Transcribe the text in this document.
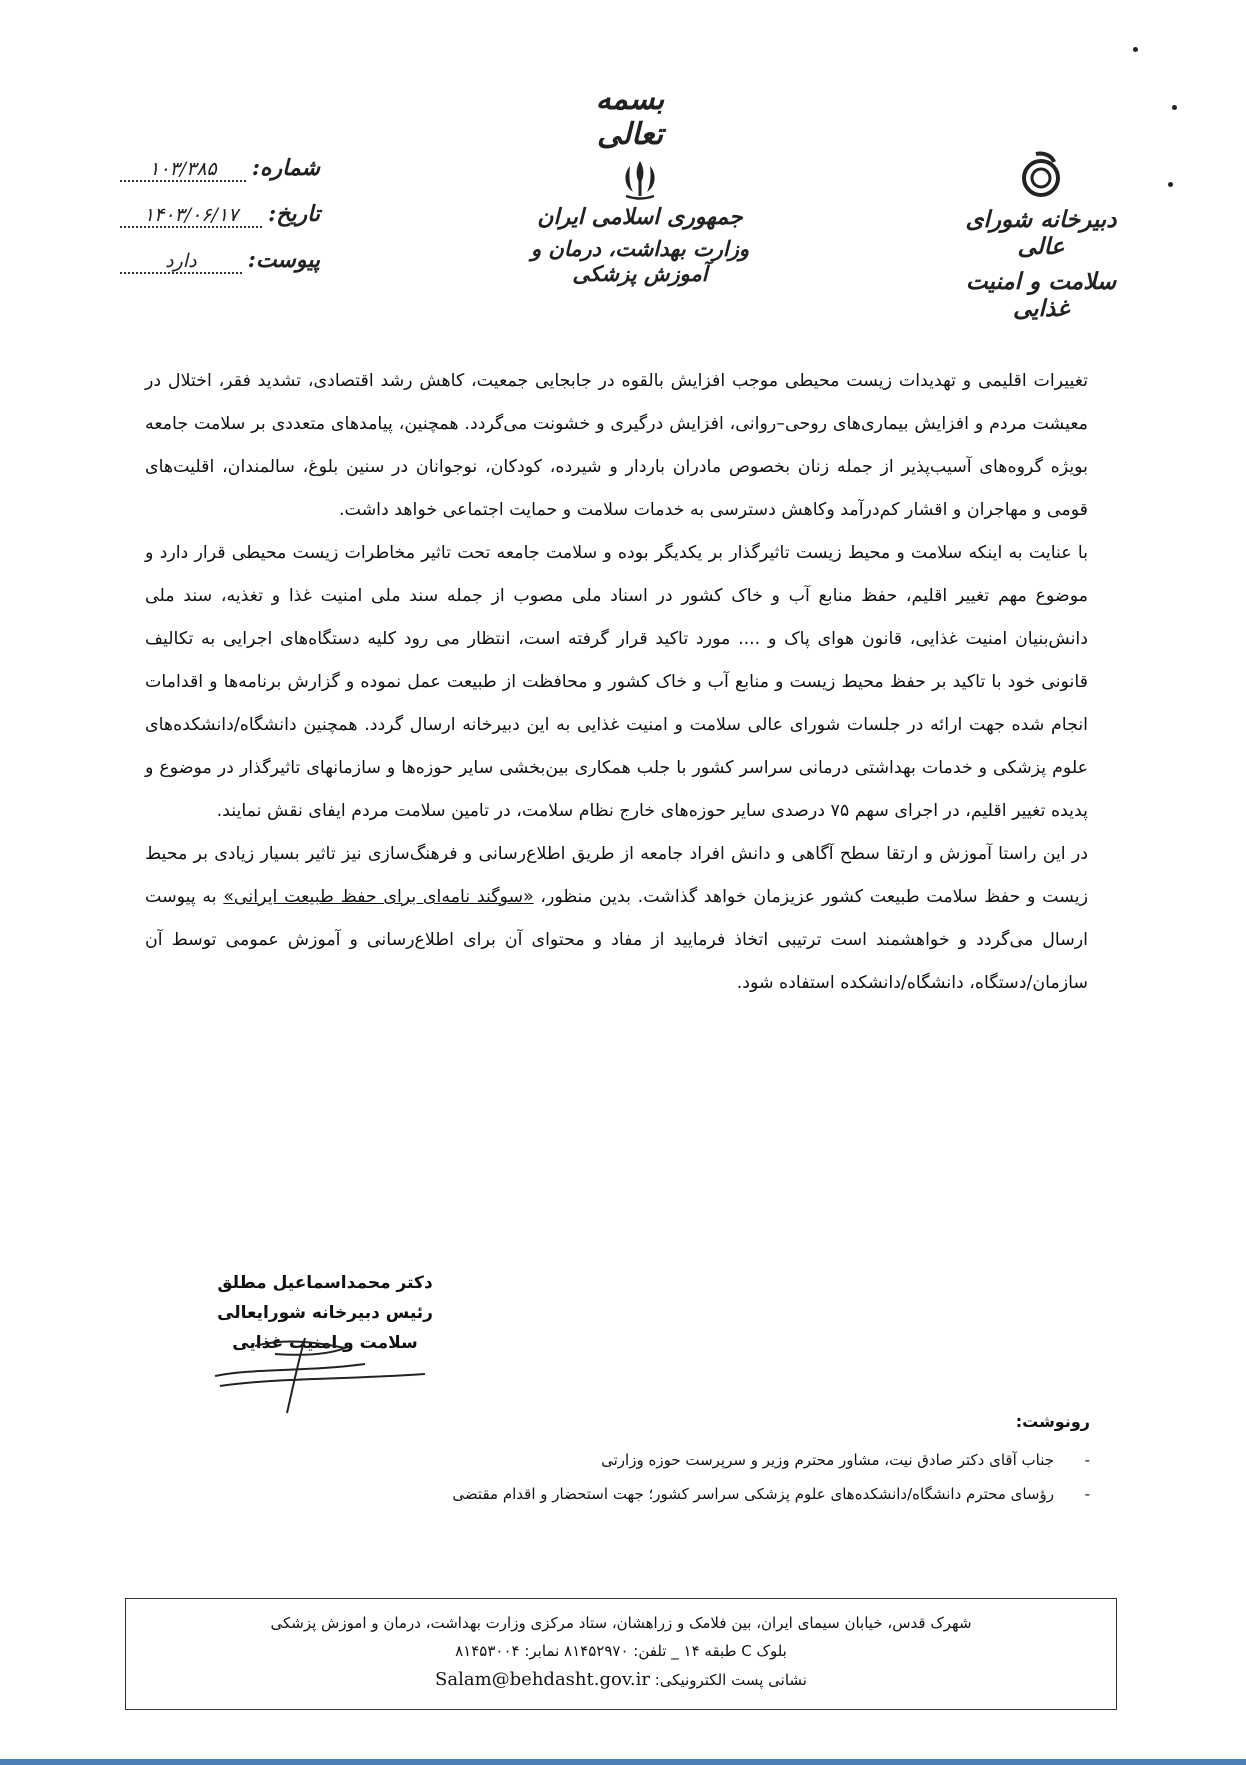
بسمه تعالی
شماره:
۱۰۳/۳۸۵
تاریخ:
۱۴۰۳/۰۶/۱۷
پیوست:
دارد
جمهوری اسلامی ایران
وزارت بهداشت، درمان و آموزش پزشکی
دبیرخانه شورای عالی
سلامت و امنیت غذایی

تغییرات اقلیمی و تهدیدات زیست محیطی موجب افزایش بالقوه در جابجایی جمعیت، کاهش رشد اقتصادی، تشدید فقر، اختلال در معیشت مردم و افزایش بیماری‌های روحی–روانی، افزایش درگیری و خشونت می‌گردد. همچنین، پیامدهای متعددی بر سلامت جامعه بویژه گروه‌های آسیب‌پذیر از جمله زنان بخصوص مادران باردار و شیرده، کودکان، نوجوانان در سنین بلوغ، سالمندان، اقلیت‌های قومی و مهاجران و اقشار کم‌درآمد وکاهش دسترسی به خدمات سلامت و حمایت اجتماعی خواهد داشت.

با عنایت به اینکه سلامت و محیط زیست تاثیرگذار بر یکدیگر بوده و سلامت جامعه تحت تاثیر مخاطرات زیست محیطی قرار دارد و موضوع مهم تغییر اقلیم، حفظ منابع آب و خاک کشور در اسناد ملی مصوب از جمله سند ملی امنیت غذا و تغذیه، سند ملی دانش‌بنیان امنیت غذایی، قانون هوای پاک و .... مورد تاکید قرار گرفته است، انتظار می رود کلیه دستگاه‌های اجرایی به تکالیف قانونی خود با تاکید بر حفظ محیط زیست و منابع آب و خاک کشور و محافظت از طبیعت عمل نموده و گزارش برنامه‌ها و اقدامات انجام شده جهت ارائه در جلسات شورای عالی سلامت و امنیت غذایی به این دبیرخانه ارسال گردد. همچنین دانشگاه/دانشکده‌های علوم پزشکی و خدمات بهداشتی درمانی سراسر کشور با جلب همکاری بین‌بخشی سایر حوزه‌ها و سازمانهای تاثیرگذار در موضوع و پدیده تغییر اقلیم، در اجرای سهم ۷۵ درصدی سایر حوزه‌های خارج نظام سلامت، در تامین سلامت مردم ایفای نقش نمایند.

در این راستا آموزش و ارتقا سطح آگاهی و دانش افراد جامعه از طریق اطلاع‌رسانی و فرهنگ‌سازی نیز تاثیر بسیار زیادی بر محیط زیست و حفظ سلامت طبیعت کشور عزیزمان خواهد گذاشت. بدین منظور، «سوگند نامه‌ای برای حفظ طبیعت ایرانی» به پیوست ارسال می‌گردد و خواهشمند است ترتیبی اتخاذ فرمایید از مفاد و محتوای آن برای اطلاع‌رسانی و آموزش عمومی توسط آن سازمان/دستگاه، دانشگاه/دانشکده استفاده شود.

دکتر محمداسماعیل مطلق
رئیس دبیرخانه شورایعالی
سلامت و امنیت غذایی
رونوشت:
-
جناب آقای دکتر صادق نیت، مشاور محترم وزیر و سرپرست حوزه وزارتی
-
رؤسای محترم دانشگاه/دانشکده‌های علوم پزشکی سراسر کشور؛ جهت استحضار و اقدام مقتضی
شهرک قدس، خیابان سیمای ایران، بین فلامک و زراهشان، ستاد مرکزی وزارت بهداشت، درمان و اموزش پزشکی
بلوک C طبقه ۱۴ _ تلفن: ۸۱۴۵۲۹۷۰ نمابر: ۸۱۴۵۳۰۰۴
نشانی پست الکترونیکی: Salam@behdasht.gov.ir
